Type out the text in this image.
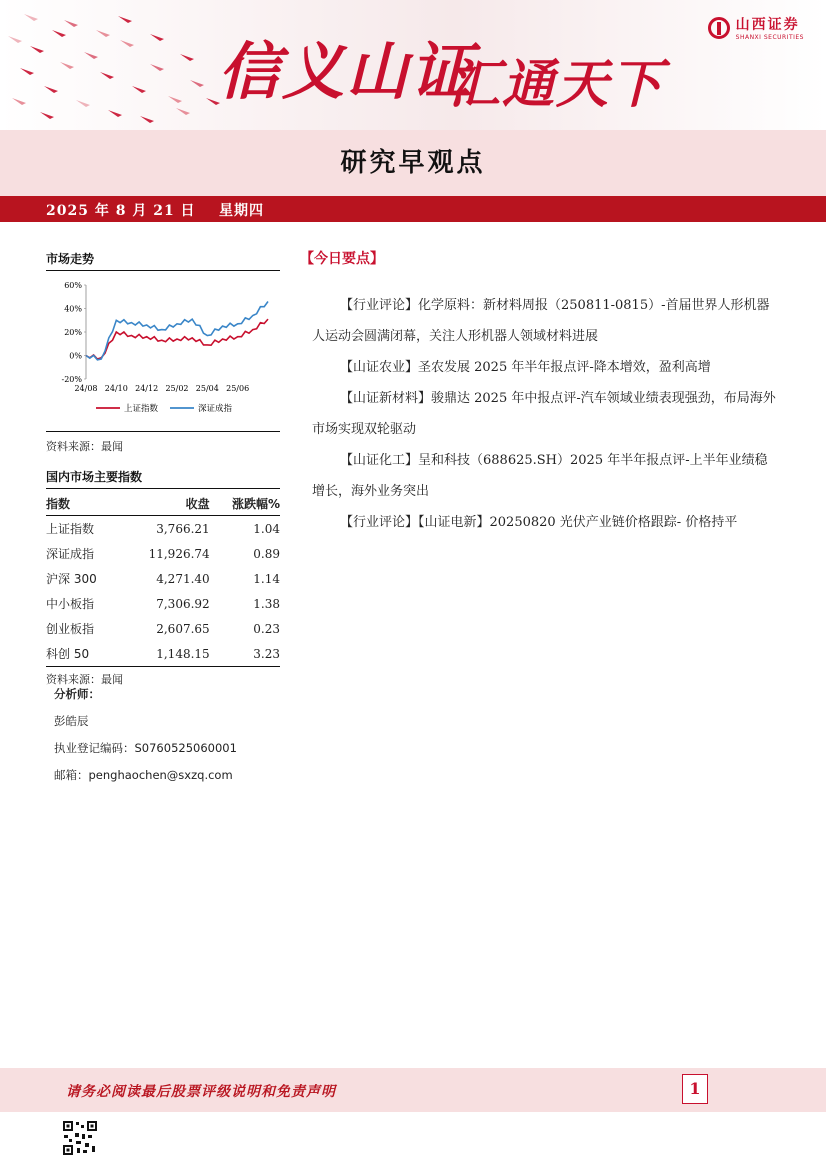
信义山证
汇通天下
山西证券
SHANXI SECURITIES
研究早观点
2025 年 8 月 21 日    星期四
市场走势
60%
40%
20%
0%
-20%
24/08 24/10 24/12 25/02 25/04 25/06
上证指数	深证成指
资料来源：最闻
国内市场主要指数
指数	收盘	涨跌幅%
上证指数	3,766.21	1.04
深证成指	11,926.74	0.89
沪深 300	4,271.40	1.14
中小板指	7,306.92	1.38
创业板指	2,607.65	0.23
科创 50	1,148.15	3.23
资料来源：最闻
分析师：
彭皓辰
执业登记编码：S0760525060001
邮箱：penghaochen@sxzq.com
【今日要点】

【行业评论】化学原料：新材料周报（250811-0815）-首届世界人形机器人运动会圆满闭幕，关注人形机器人领域材料进展

【山证农业】圣农发展 2025 年半年报点评-降本增效，盈利高增

【山证新材料】骏鼎达 2025 年中报点评-汽车领域业绩表现强劲，布局海外市场实现双轮驱动

【山证化工】呈和科技（688625.SH）2025 年半年报点评-上半年业绩稳增长，海外业务突出

【行业评论】【山证电新】20250820 光伏产业链价格跟踪- 价格持平

请务必阅读最后股票评级说明和免责声明	1
